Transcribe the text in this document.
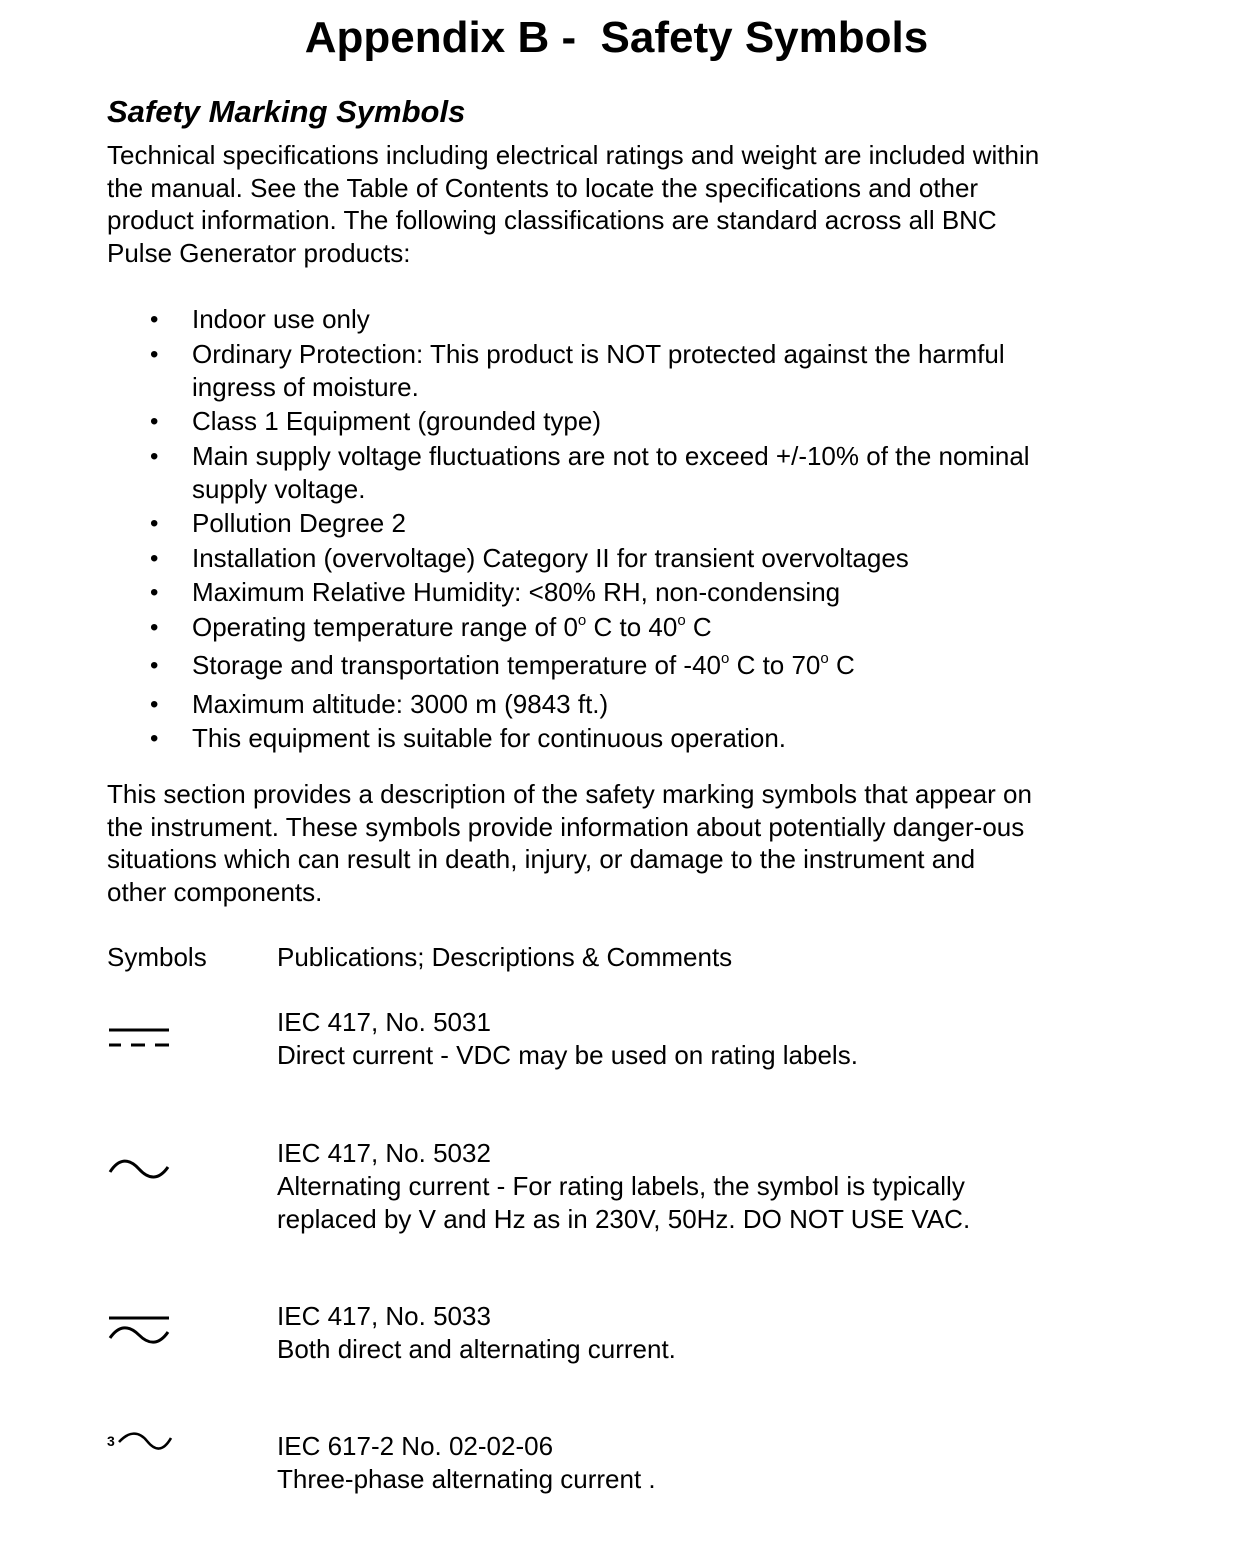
Appendix B -  Safety Symbols
Safety Marking Symbols
Technical specifications including electrical ratings and weight are included within
the manual. See the Table of Contents to locate the specifications and other
product information. The following classifications are standard across all BNC
Pulse Generator products:
• Indoor use only
• Ordinary Protection: This product is NOT protected against the harmful
ingress of moisture.
• Class 1 Equipment (grounded type)
• Main supply voltage fluctuations are not to exceed +/-10% of the nominal
supply voltage.
• Pollution Degree 2
• Installation (overvoltage) Category II for transient overvoltages
• Maximum Relative Humidity: <80% RH, non-condensing
• Operating temperature range of 0$^o$ C to 40$^o$ C
• Storage and transportation temperature of -40$^o$ C to 70$^o$ C
• Maximum altitude: 3000 m (9843 ft.)
• This equipment is suitable for continuous operation.
This section provides a description of the safety marking symbols that appear on
the instrument. These symbols provide information about potentially danger-ous
situations which can result in death, injury, or damage to the instrument and
other components.
Symbols	Publications; Descriptions & Comments
IEC 417, No. 5031
Direct current - VDC may be used on rating labels.
IEC 417, No. 5032
Alternating current - For rating labels, the symbol is typically
replaced by V and Hz as in 230V, 50Hz. DO NOT USE VAC.
IEC 417, No. 5033
Both direct and alternating current.
3	IEC 617-2 No. 02-02-06
Three-phase alternating current .
